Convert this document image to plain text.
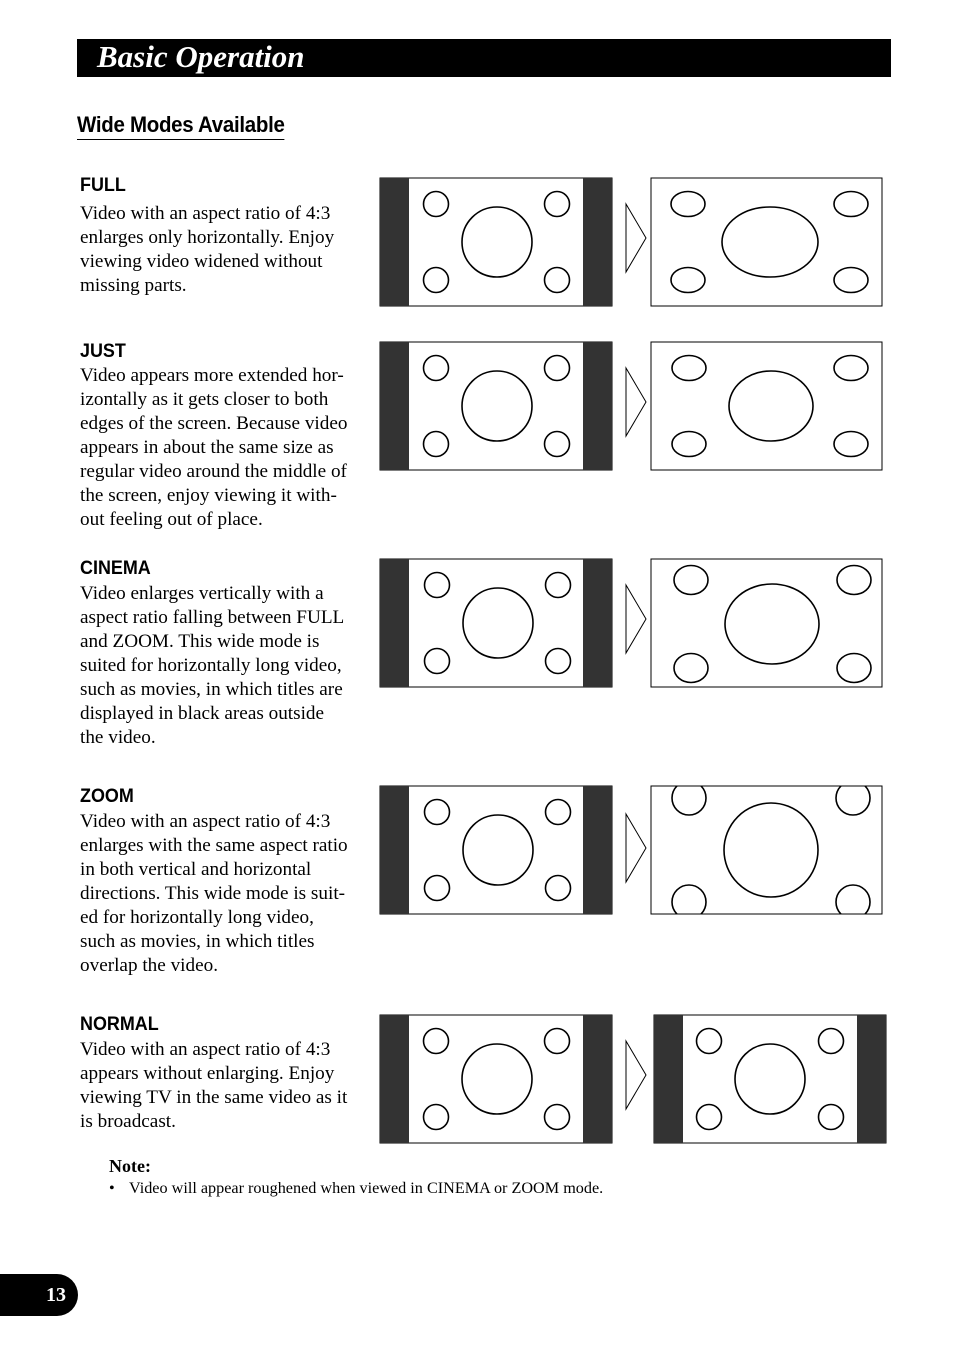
Basic Operation
Wide Modes Available
FULL
Video with an aspect ratio of 4:3
enlarges only horizontally. Enjoy
viewing video widened without
missing parts.
JUST
Video appears more extended hor-
izontally as it gets closer to both
edges of the screen. Because video
appears in about the same size as
regular video around the middle of
the screen, enjoy viewing it with-
out feeling out of place.
CINEMA
Video enlarges vertically with a
aspect ratio falling between FULL
and ZOOM. This wide mode is
suited for horizontally long video,
such as movies, in which titles are
displayed in black areas outside
the video.
ZOOM
Video with an aspect ratio of 4:3
enlarges with the same aspect ratio
in both vertical and horizontal
directions. This wide mode is suit-
ed for horizontally long video,
such as movies, in which titles
overlap the video.
NORMAL
Video with an aspect ratio of 4:3
appears without enlarging. Enjoy
viewing TV in the same video as it
is broadcast.
Note:
• Video will appear roughened when viewed in CINEMA or ZOOM mode.
13
